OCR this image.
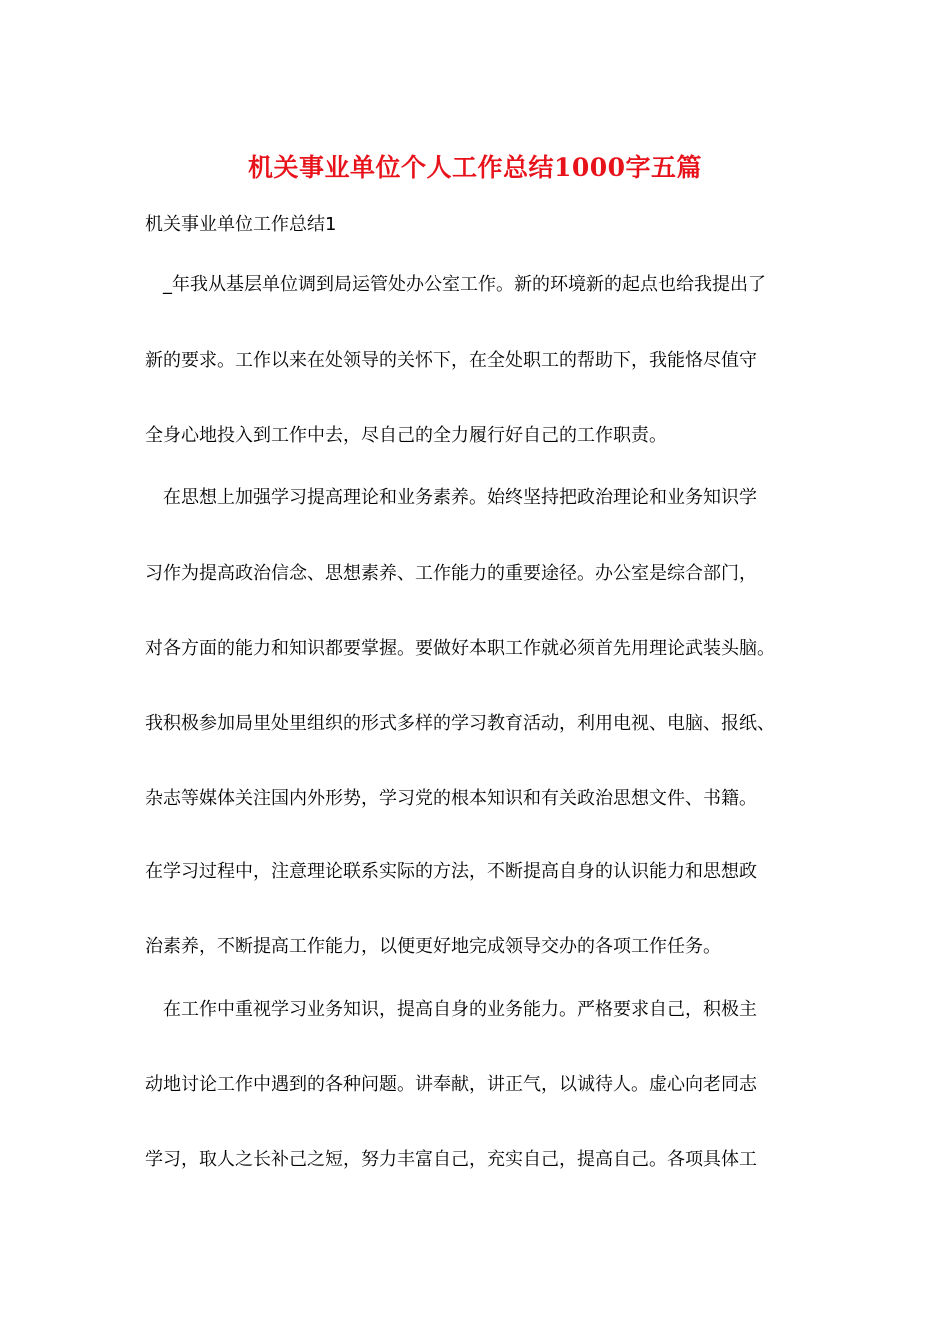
机关事业单位个人工作总结1000字五篇
机关事业单位工作总结1
_年我从基层单位调到局运管处办公室工作。新的环境新的起点也给我提出了
新的要求。工作以来在处领导的关怀下，在全处职工的帮助下，我能恪尽值守
全身心地投入到工作中去，尽自己的全力履行好自己的工作职责。
在思想上加强学习提高理论和业务素养。始终坚持把政治理论和业务知识学
习作为提高政治信念、思想素养、工作能力的重要途径。办公室是综合部门，
对各方面的能力和知识都要掌握。要做好本职工作就必须首先用理论武装头脑。
我积极参加局里处里组织的形式多样的学习教育活动，利用电视、电脑、报纸、
杂志等媒体关注国内外形势，学习党的根本知识和有关政治思想文件、书籍。
在学习过程中，注意理论联系实际的方法，不断提高自身的认识能力和思想政
治素养，不断提高工作能力，以便更好地完成领导交办的各项工作任务。
在工作中重视学习业务知识，提高自身的业务能力。严格要求自己，积极主
动地讨论工作中遇到的各种问题。讲奉献，讲正气，以诚待人。虚心向老同志
学习，取人之长补己之短，努力丰富自己，充实自己，提高自己。各项具体工
